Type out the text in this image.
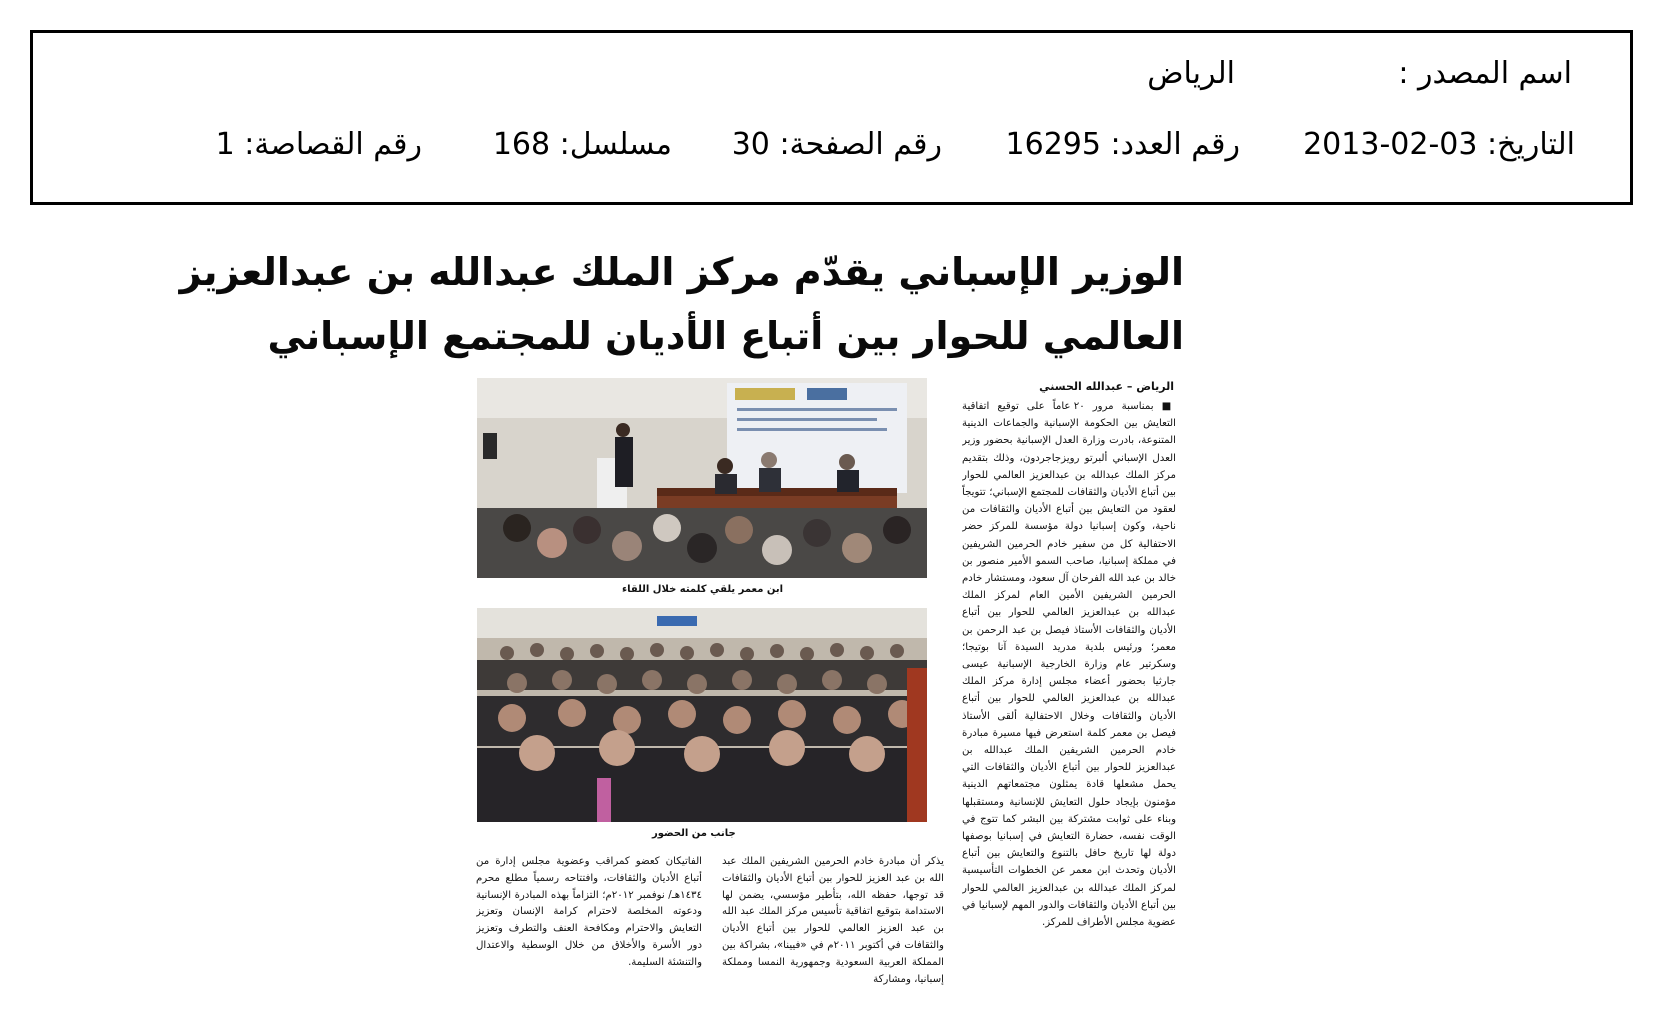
اسم المصدر :
الرياض
التاريخ: 03-02-2013
رقم العدد: 16295
رقم الصفحة: 30
مسلسل: 168
رقم القصاصة: 1
الوزير الإسباني يقدّم مركز الملك عبدالله بن عبدالعزيز
العالمي للحوار بين أتباع الأديان للمجتمع الإسباني
الرياض – عبدالله الحسني
■ بمناسبة مرور ٢٠ عاماً على توقيع اتفاقية التعايش بين الحكومة الإسبانية والجماعات الدينية المتنوعة، بادرت وزارة العدل الإسبانية بحضور وزير العدل الإسباني ألبرتو رويزجاجردون، وذلك بتقديم مركز الملك عبدالله بن عبدالعزيز العالمي للحوار بين أتباع الأديان والثقافات للمجتمع الإسباني؛ تتويجاً لعقود من التعايش بين أتباع الأديان والثقافات من ناحية، وكون إسبانيا دولة مؤسسة للمركز حضر الاحتفالية كل من سفير خادم الحرمين الشريفين في مملكة إسبانيا، صاحب السمو الأمير منصور بن خالد بن عبد الله الفرحان آل سعود، ومستشار خادم الحرمين الشريفين الأمين العام لمركز الملك عبدالله بن عبدالعزيز العالمي للحوار بين أتباع الأديان والثقافات الأستاذ فيصل بن عبد الرحمن بن معمر؛ ورئيس بلدية مدريد السيدة آنا بوتيجا؛ وسكرتير عام وزارة الخارجية الإسبانية عيسى جارثيا بحضور أعضاء مجلس إدارة مركز الملك عبدالله بن عبدالعزيز العالمي للحوار بين أتباع الأديان والثقافات وخلال الاحتفالية ألقى الأستاذ فيصل بن معمر كلمة استعرض فيها مسيرة مبادرة خادم الحرمين الشريفين الملك عبدالله بن عبدالعزيز للحوار بين أتباع الأديان والثقافات التي يحمل مشعلها قادة يمثلون مجتمعاتهم الدينية مؤمنون بإيجاد حلول التعايش للإنسانية ومستقبلها وبناء على ثوابت مشتركة بين البشر كما تتوج في الوقت نفسه، حضارة التعايش في إسبانيا بوصفها دولة لها تاريخ حافل بالتنوع والتعايش بين أتباع الأديان وتحدث ابن معمر عن الخطوات التأسيسية لمركز الملك عبدالله بن عبدالعزيز العالمي للحوار بين أتباع الأديان والثقافات والدور المهم لإسبانيا في عضوية مجلس الأطراف للمركز.
ابن معمر يلقي كلمته خلال اللقاء
جانب من الحضور
يذكر أن مبادرة خادم الحرمين الشريفين الملك عبد الله بن عبد العزيز للحوار بين أتباع الأديان والثقافات قد توجها، حفظه الله، بتأطير مؤسسي، يضمن لها الاستدامة بتوقيع اتفاقية تأسيس مركز الملك عبد الله بن عبد العزيز العالمي للحوار بين أتباع الأديان والثقافات في أكتوبر ٢٠١١م في «فيينا»، بشراكة بين المملكة العربية السعودية وجمهورية النمسا ومملكة إسبانيا، ومشاركة
الفاتيكان كعضو كمراقب وعضوية مجلس إدارة من أتباع الأديان والثقافات، وافتتاحه رسمياً مطلع محرم ١٤٣٤هـ/ نوفمبر ٢٠١٢م؛ التزاماً بهذه المبادرة الإنسانية ودعوته المخلصة لاحترام كرامة الإنسان وتعزيز التعايش والاحترام ومكافحة العنف والتطرف وتعزيز دور الأسرة والأخلاق من خلال الوسطية والاعتدال والتنشئة السليمة.
